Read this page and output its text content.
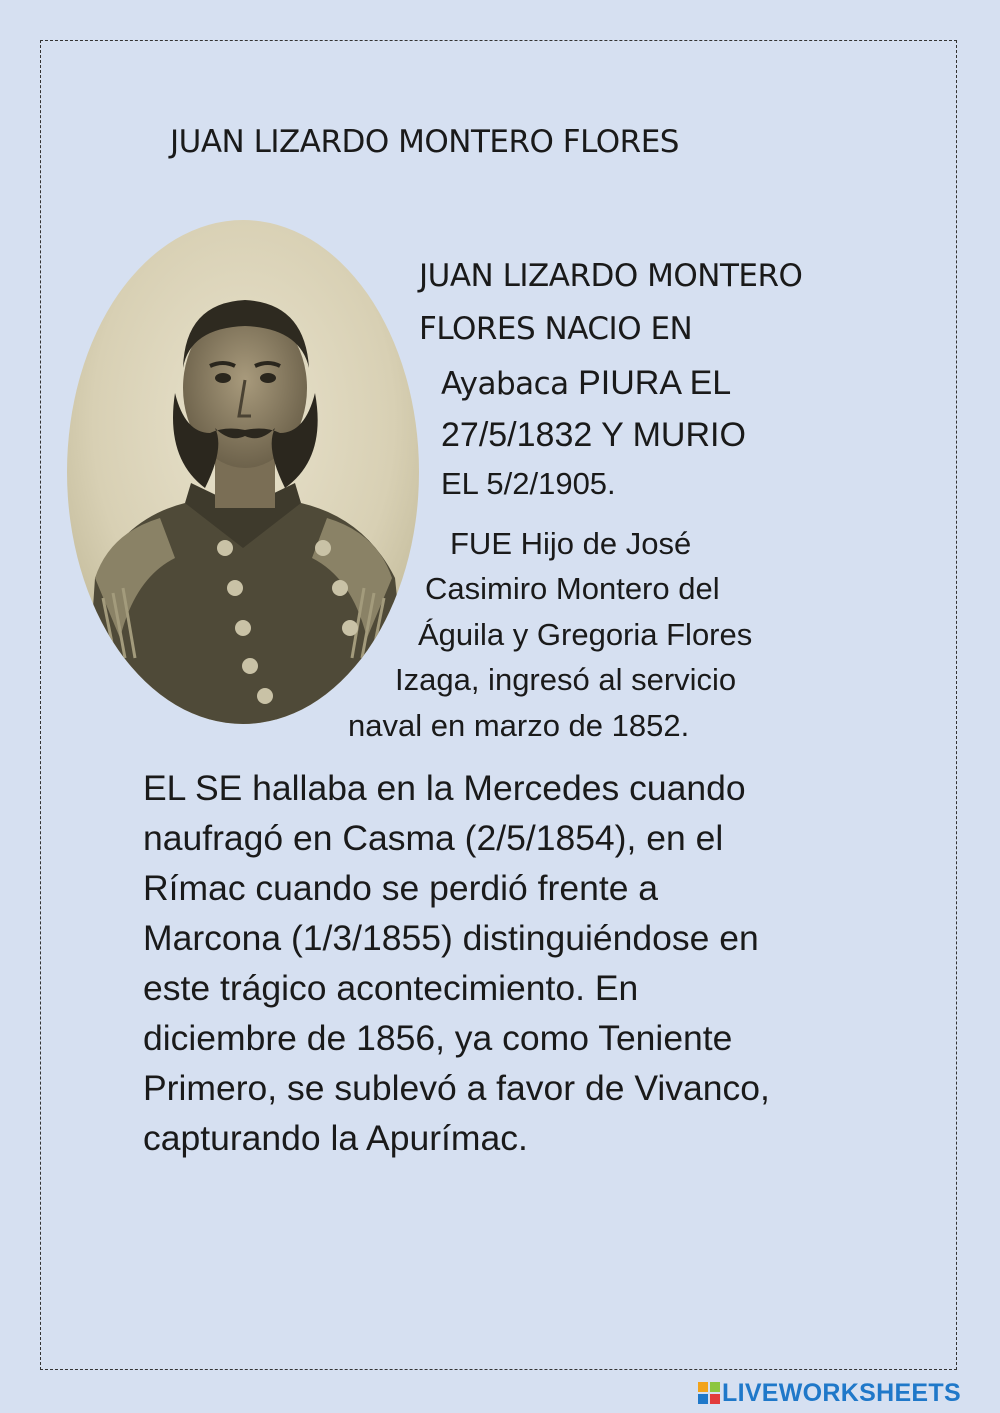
JUAN LIZARDO MONTERO FLORES
JUAN LIZARDO MONTERO
FLORES NACIO EN
Ayabaca PIURA EL
27/5/1832 Y MURIO
EL 5/2/1905.
FUE Hijo de José
Casimiro Montero del
Águila y Gregoria Flores
Izaga, ingresó al servicio
naval en marzo de 1852.
EL SE hallaba en la Mercedes cuando
naufragó en Casma (2/5/1854), en el
Rímac cuando se perdió frente a
Marcona (1/3/1855) distinguiéndose en
este trágico acontecimiento. En
diciembre de 1856, ya como Teniente
Primero, se sublevó a favor de Vivanco,
capturando la Apurímac.
LIVEWORKSHEETS
